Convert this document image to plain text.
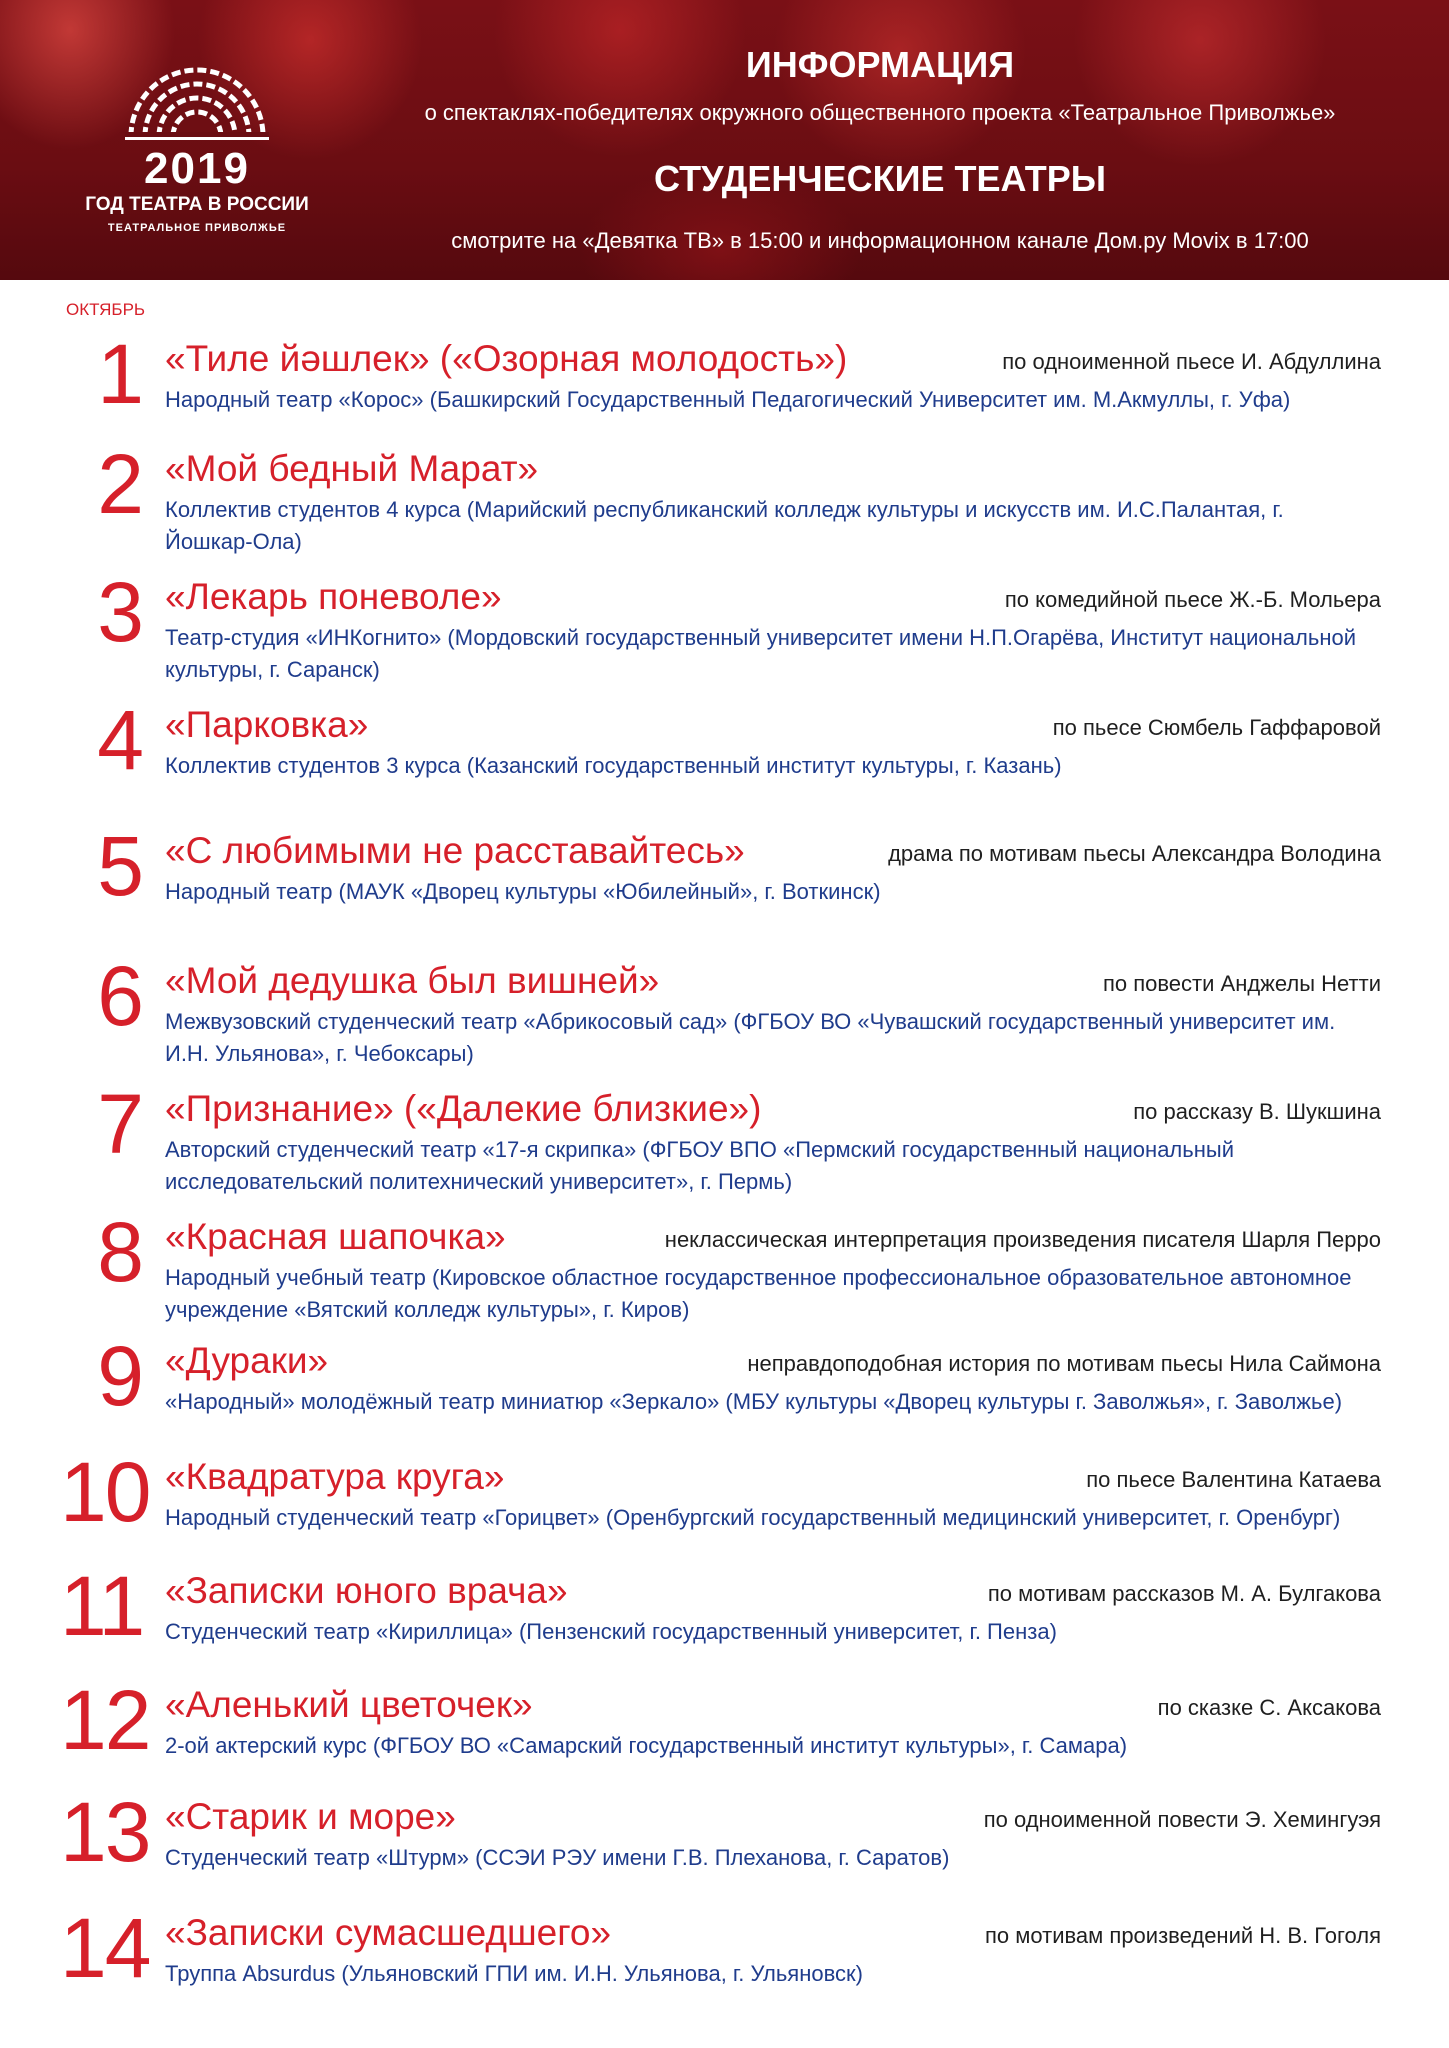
2019
ГОД ТЕАТРА В РОССИИ
ТЕАТРАЛЬНОЕ ПРИВОЛЖЬЕ
ИНФОРМАЦИЯ
о спектаклях-победителях окружного общественного проекта «Театральное Приволжье»
СТУДЕНЧЕСКИЕ ТЕАТРЫ
смотрите на «Девятка ТВ» в 15:00 и информационном канале Дом.ру Movix в 17:00
ОКТЯБРЬ
1 «Тиле йәшлек» («Озорная молодость»)	по одноименной пьесе И. Абдуллина
Народный театр «Корос» (Башкирский Государственный Педагогический Университет им. М.Акмуллы, г. Уфа)
2 «Мой бедный Марат»
Коллектив студентов 4 курса (Марийский республиканский колледж культуры и искусств им. И.С.Палантая, г. Йошкар-Ола)
3 «Лекарь поневоле»	по комедийной пьесе Ж.-Б. Мольера
Театр-студия «ИНКогнито» (Мордовский государственный университет имени Н.П.Огарёва, Институт национальной культуры, г. Саранск)
4 «Парковка»	по пьесе Сюмбель Гаффаровой
Коллектив студентов 3 курса (Казанский государственный институт культуры, г. Казань)
5 «С любимыми не расставайтесь»	драма по мотивам пьесы Александра Володина
Народный театр (МАУК «Дворец культуры «Юбилейный», г. Воткинск)
6 «Мой дедушка был вишней»	по повести Анджелы Нетти
Межвузовский студенческий театр «Абрикосовый сад» (ФГБОУ ВО «Чувашский государственный университет им. И.Н. Ульянова», г. Чебоксары)
7 «Признание» («Далекие близкие»)	по рассказу В. Шукшина
Авторский студенческий театр «17-я скрипка» (ФГБОУ ВПО «Пермский государственный национальный исследовательский политехнический университет», г. Пермь)
8 «Красная шапочка»	неклассическая интерпретация произведения писателя Шарля Перро
Народный учебный театр (Кировское областное государственное профессиональное образовательное автономное учреждение «Вятский колледж культуры», г. Киров)
9 «Дураки»	неправдоподобная история по мотивам пьесы Нила Саймона
«Народный» молодёжный театр миниатюр «Зеркало» (МБУ культуры «Дворец культуры г. Заволжья», г. Заволжье)
10 «Квадратура круга»	по пьесе Валентина Катаева
Народный студенческий театр «Горицвет» (Оренбургский государственный медицинский университет, г. Оренбург)
11 «Записки юного врача»	по мотивам рассказов М. А. Булгакова
Студенческий театр «Кириллица» (Пензенский государственный университет, г. Пенза)
12 «Аленький цветочек»	по сказке С. Аксакова
2-ой актерский курс (ФГБОУ ВО «Самарский государственный институт культуры», г. Самара)
13 «Старик и море»	по одноименной повести Э. Хемингуэя
Студенческий театр «Штурм» (ССЭИ РЭУ имени Г.В. Плеханова, г. Саратов)
14 «Записки сумасшедшего»	по мотивам произведений Н. В. Гоголя
Труппа Absurdus (Ульяновский ГПИ им. И.Н. Ульянова, г. Ульяновск)
